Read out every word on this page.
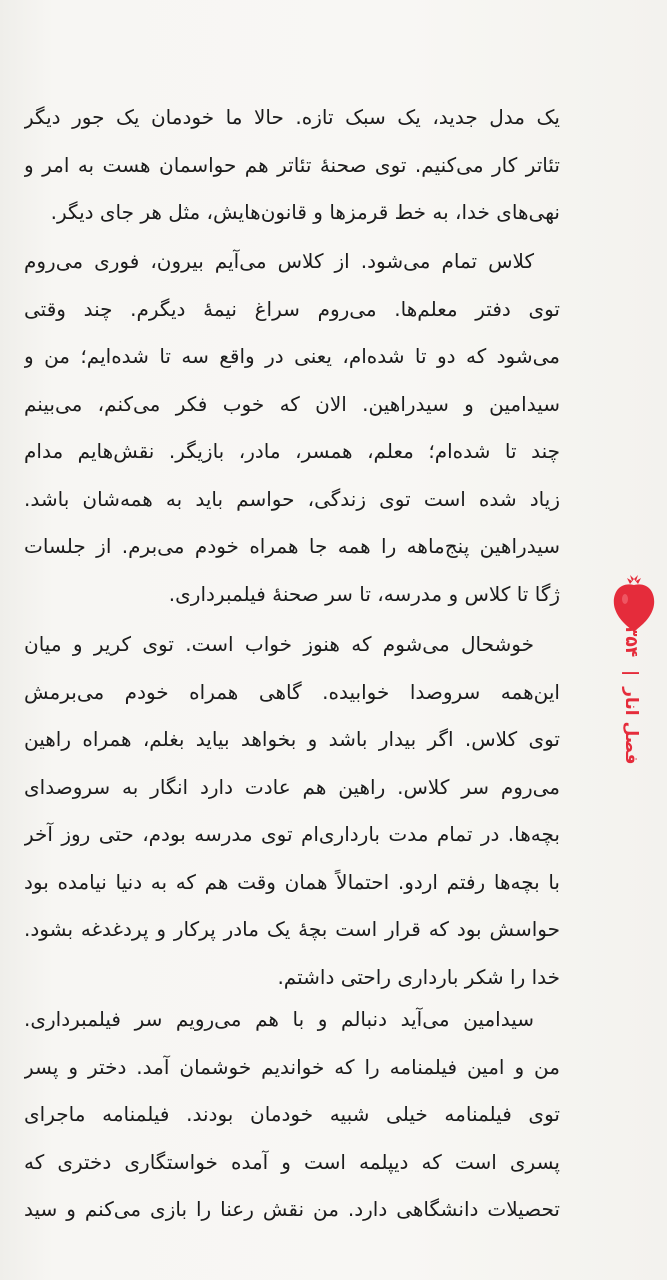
یک مدل جدید، یک سبک تازه. حالا ما خودمان یک جور دیگر
تئاتر کار می‌کنیم. توی صحنهٔ تئاتر هم حواسمان هست به امر و
نهی‌های خدا، به خط قرمزها و قانون‌هایش، مثل هر جای دیگر.
کلاس تمام می‌شود. از کلاس می‌آیم بیرون، فوری می‌روم
توی دفتر معلم‌ها. می‌روم سراغ نیمهٔ دیگرم. چند وقتی
می‌شود که دو تا شده‌ام، یعنی در واقع سه تا شده‌ایم؛ من و
سیدامین و سیدراهین. الان که خوب فکر می‌کنم، می‌بینم
چند تا شده‌ام؛ معلم، همسر، مادر، بازیگر. نقش‌هایم مدام
زیاد شده است توی زندگی، حواسم باید به همه‌شان باشد.
سیدراهین پنج‌ماهه را همه جا همراه خودم می‌برم. از جلسات
ژگا تا کلاس و مدرسه، تا سر صحنهٔ فیلمبرداری.
خوشحال می‌شوم که هنوز خواب است. توی کریر و میان
این‌همه سروصدا خوابیده. گاهی همراه خودم می‌برمش
توی کلاس. اگر بیدار باشد و بخواهد بیاید بغلم، همراه راهین
می‌روم سر کلاس. راهین هم عادت دارد انگار به سروصدای
بچه‌ها. در تمام مدت بارداری‌ام توی مدرسه بودم، حتی روز آخر
با بچه‌ها رفتم اردو. احتمالاً همان وقت هم که به دنیا نیامده بود
حواسش بود که قرار است بچهٔ یک مادر پرکار و پردغدغه بشود.
خدا را شکر بارداری راحتی داشتم.
سیدامین می‌آید دنبالم و با هم می‌رویم سر فیلمبرداری.
من و امین فیلمنامه را که خواندیم خوشمان آمد. دختر و پسر
توی فیلمنامه خیلی شبیه خودمان بودند. فیلمنامه ماجرای
پسری است که دیپلمه است و آمده خواستگاری دختری که
تحصیلات دانشگاهی دارد. من نقش رعنا را بازی می‌کنم و سید
فصل انار | ۳۵۴
